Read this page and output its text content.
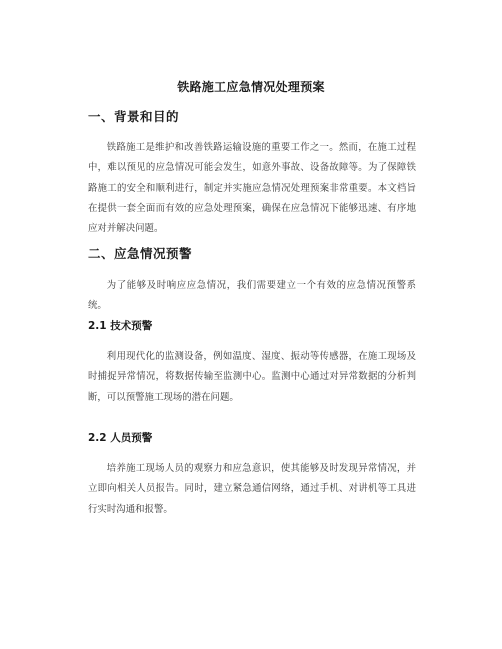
铁路施工应急情况处理预案
一、背景和目的
铁路施工是维护和改善铁路运输设施的重要工作之一。然而，在施工过程中，难以预见的应急情况可能会发生，如意外事故、设备故障等。为了保障铁路施工的安全和顺利进行，制定并实施应急情况处理预案非常重要。本文档旨在提供一套全面而有效的应急处理预案，确保在应急情况下能够迅速、有序地应对并解决问题。
二、应急情况预警
为了能够及时响应应急情况，我们需要建立一个有效的应急情况预警系统。
2.1 技术预警
利用现代化的监测设备，例如温度、湿度、振动等传感器，在施工现场及时捕捉异常情况，将数据传输至监测中心。监测中心通过对异常数据的分析判断，可以预警施工现场的潜在问题。
2.2 人员预警
培养施工现场人员的观察力和应急意识，使其能够及时发现异常情况，并立即向相关人员报告。同时，建立紧急通信网络，通过手机、对讲机等工具进行实时沟通和报警。
